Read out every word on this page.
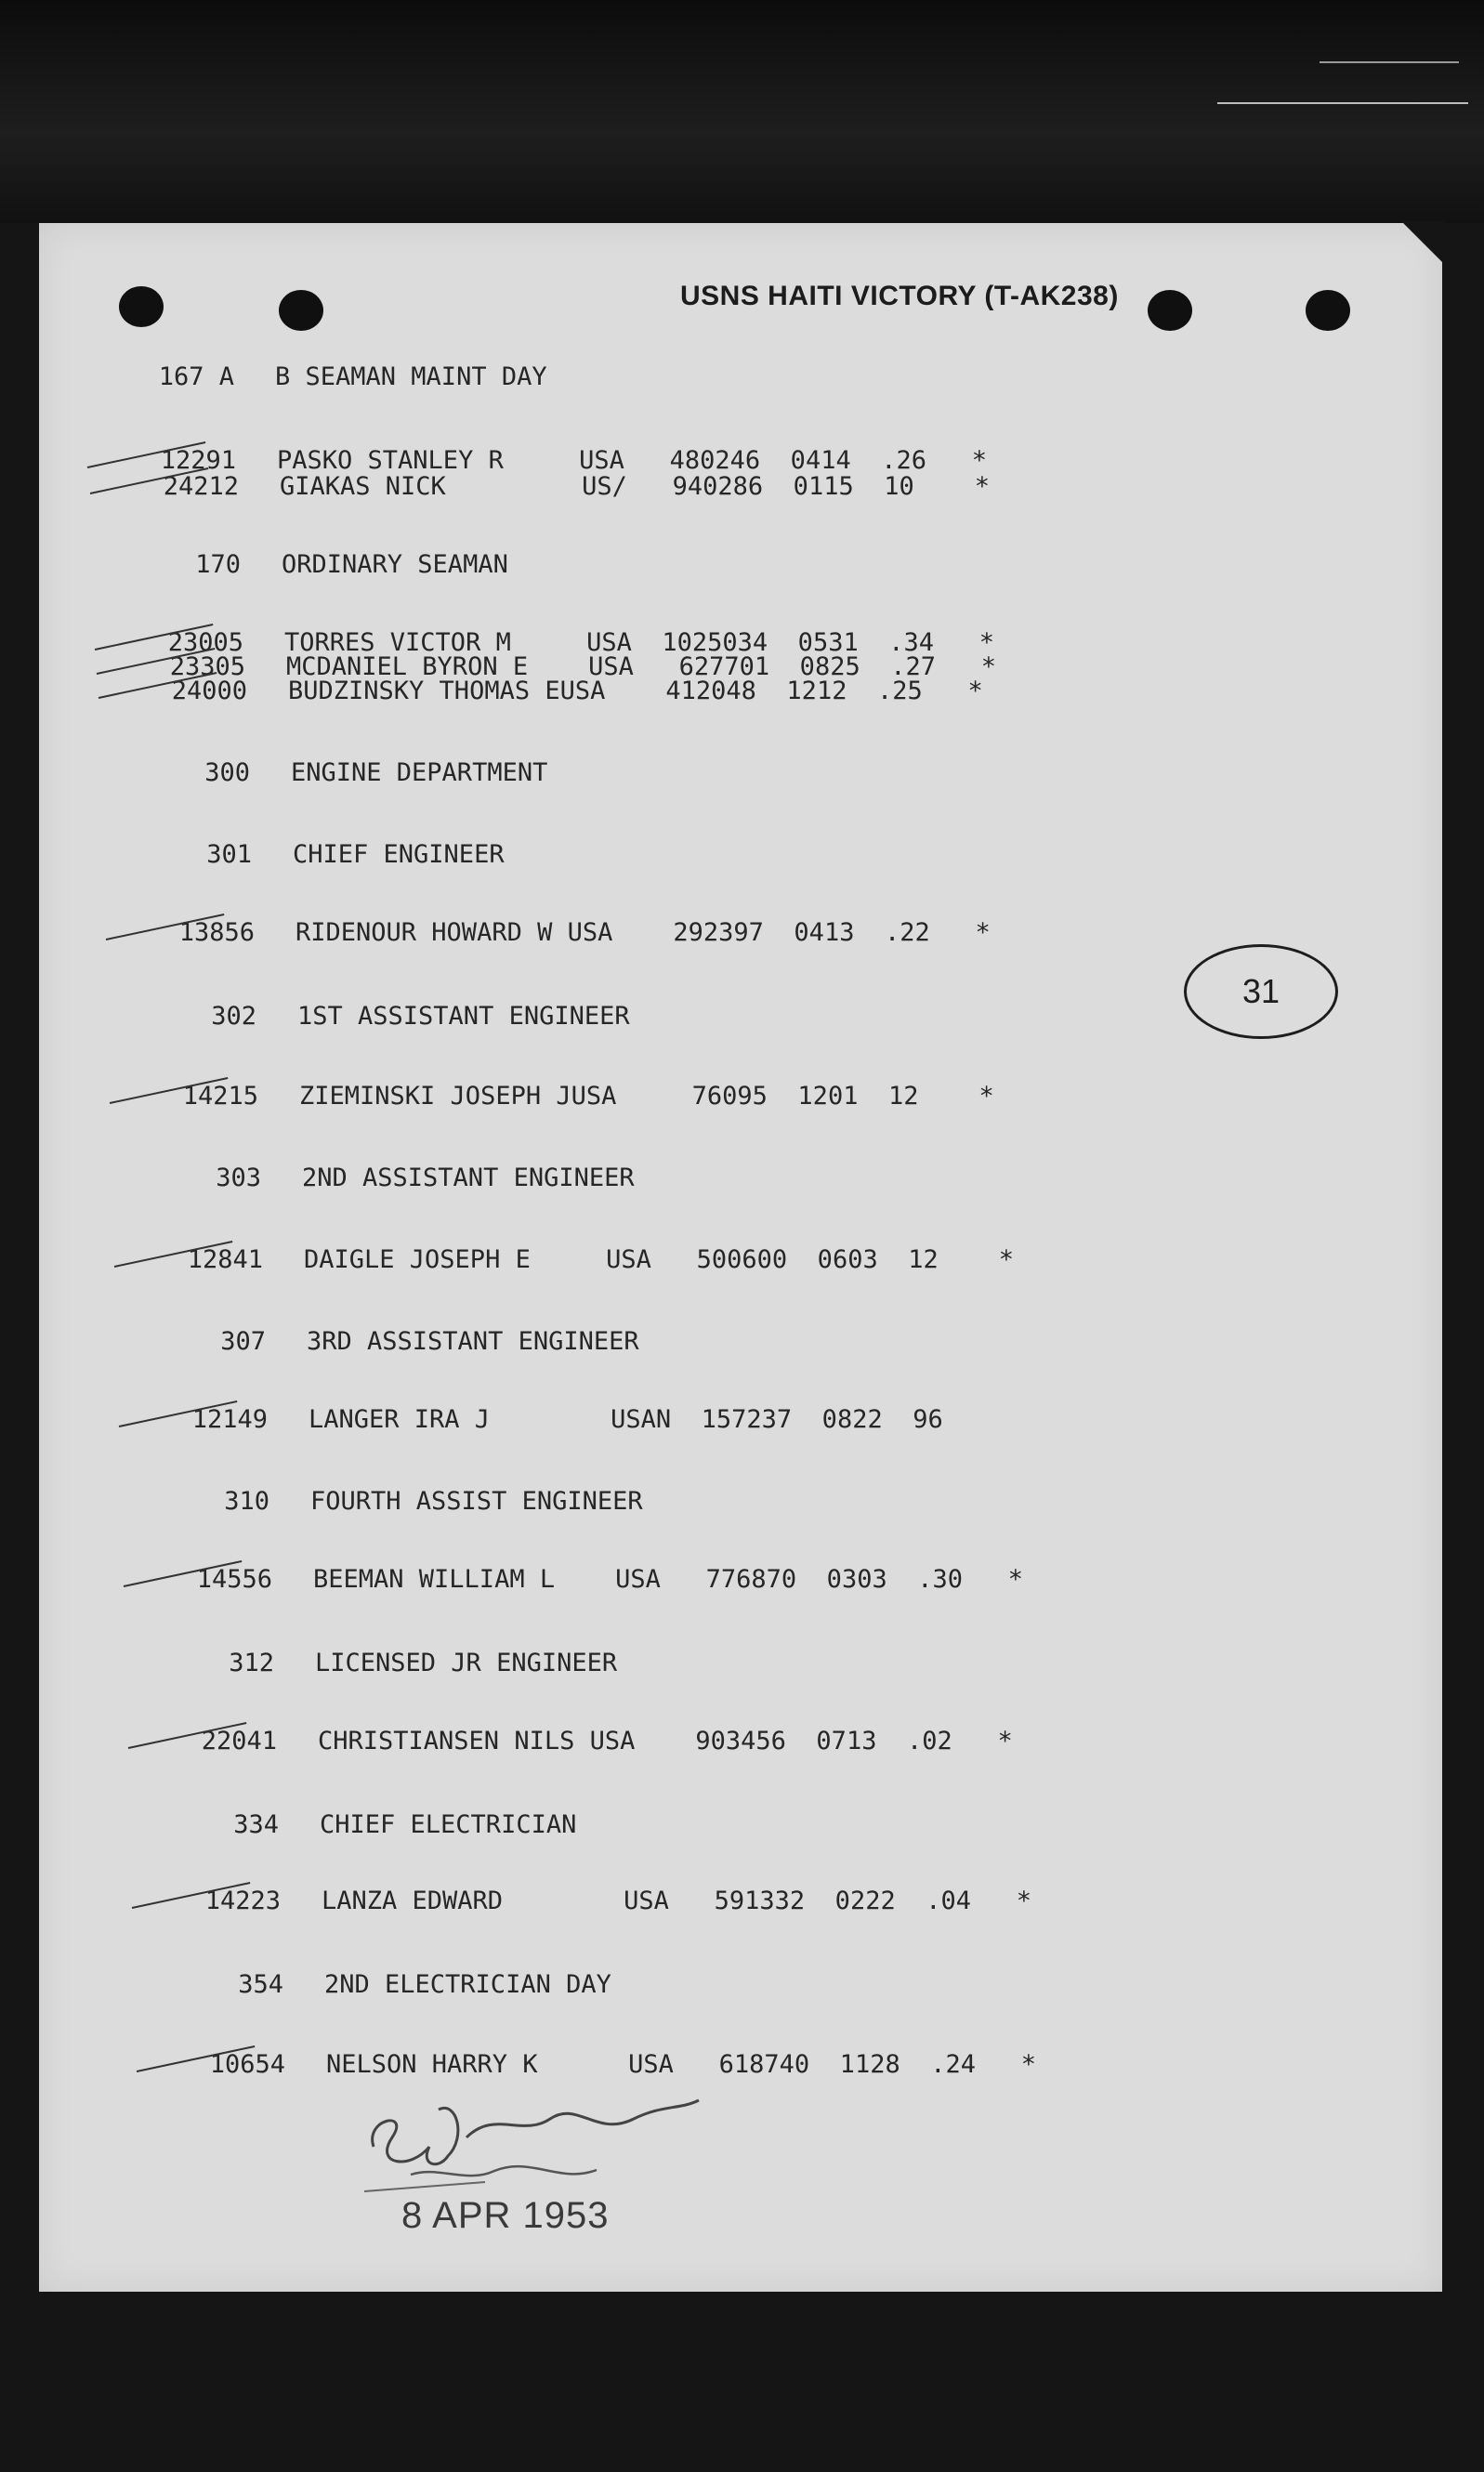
USNS HAITI VICTORY (T-AK238)
167 A B SEAMAN MAINT DAY
12291 PASKO STANLEY R     USA   480246  0414  .26   *
24212 GIAKAS NICK         US/   940286  0115  10    *
170 ORDINARY SEAMAN
23005 TORRES VICTOR M     USA  1025034  0531  .34   *
23305 MCDANIEL BYRON E    USA   627701  0825  .27   *
24000 BUDZINSKY THOMAS EUSA    412048  1212  .25   *
300 ENGINE DEPARTMENT
301 CHIEF ENGINEER
13856 RIDENOUR HOWARD W USA    292397  0413  .22   *
302 1ST ASSISTANT ENGINEER
14215 ZIEMINSKI JOSEPH JUSA     76095  1201  12    *
303 2ND ASSISTANT ENGINEER
12841 DAIGLE JOSEPH E     USA   500600  0603  12    *
307 3RD ASSISTANT ENGINEER
12149 LANGER IRA J        USAN  157237  0822  96
310 FOURTH ASSIST ENGINEER
14556 BEEMAN WILLIAM L    USA   776870  0303  .30   *
312 LICENSED JR ENGINEER
22041 CHRISTIANSEN NILS USA    903456  0713  .02   *
334 CHIEF ELECTRICIAN
14223 LANZA EDWARD        USA   591332  0222  .04   *
354 2ND ELECTRICIAN DAY
10654 NELSON HARRY K      USA   618740  1128  .24   *
31
8 APR 1953
